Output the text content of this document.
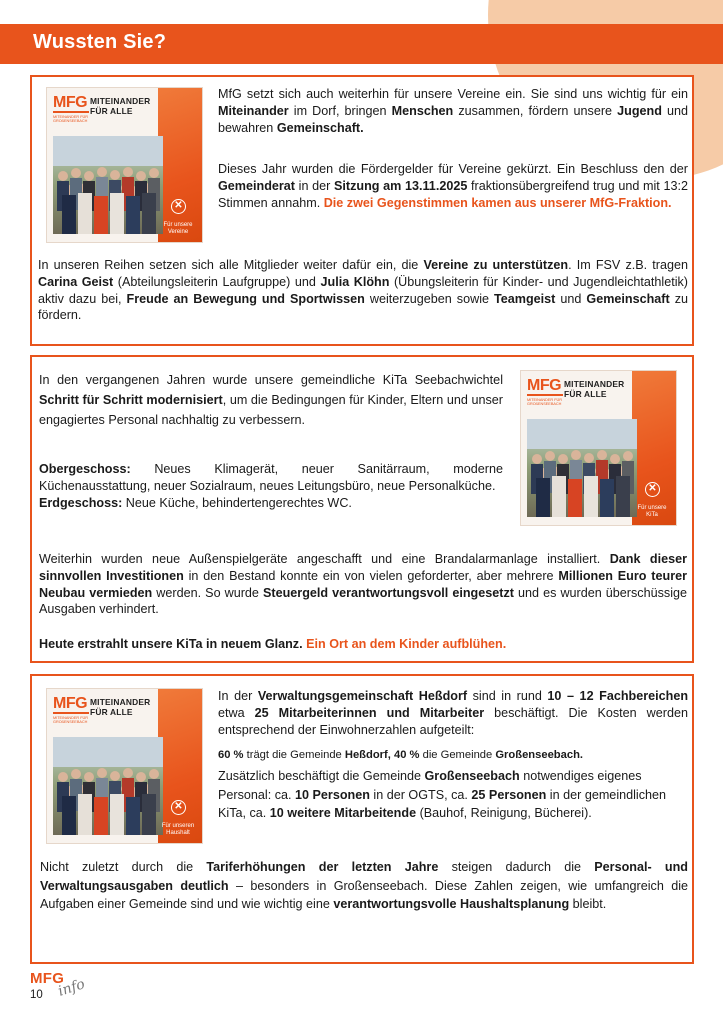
Wussten Sie?
MFG
MITEINANDER FÜR GROßENSEEBACH
MITEINANDER
FÜR ALLE
✕
Für unsere Vereine

MfG setzt sich auch weiterhin für unsere Vereine ein. Sie sind uns wichtig für ein Miteinander im Dorf, bringen Menschen zusammen, fördern unsere Jugend und bewahren Gemeinschaft.

Dieses Jahr wurden die Fördergelder für Vereine gekürzt. Ein Beschluss den der Gemeinderat in der Sitzung am 13.11.2025 fraktionsübergreifend trug und mit 13:2 Stimmen annahm. Die zwei Gegenstimmen kamen aus unserer MfG-Fraktion.

In unseren Reihen setzen sich alle Mitglieder weiter dafür ein, die Vereine zu unterstützen. Im FSV z.B. tragen Carina Geist (Abteilungsleiterin Laufgruppe) und Julia Klöhn (Übungsleiterin für Kinder- und Jugendleichtathletik) aktiv dazu bei, Freude an Bewegung und Sportwissen weiterzugeben sowie Teamgeist und Gemeinschaft zu fördern.

In den vergangenen Jahren wurde unsere gemeindliche KiTa Seebachwichtel Schritt für Schritt modernisiert, um die Bedingungen für Kinder, Eltern und unser engagiertes Personal nachhaltig zu verbessern.

Obergeschoss: Neues Klimagerät, neuer Sanitärraum, moderne Küchenausstattung, neuer Sozialraum, neues Leitungsbüro, neue Personalküche.
Erdgeschoss: Neue Küche, behindertengerechtes WC.

MFG
MITEINANDER FÜR GROßENSEEBACH
MITEINANDER
FÜR ALLE
✕
Für unsere KiTa

Weiterhin wurden neue Außenspielgeräte angeschafft und eine Brandalarmanlage installiert. Dank dieser sinnvollen Investitionen in den Bestand konnte ein von vielen geforderter, aber mehrere Millionen Euro teurer Neubau vermieden werden. So wurde Steuergeld verantwortungsvoll eingesetzt und es wurden überschüssige Ausgaben verhindert.

Heute erstrahlt unsere KiTa in neuem Glanz. Ein Ort an dem Kinder aufblühen.

MFG
MITEINANDER FÜR GROßENSEEBACH
MITEINANDER
FÜR ALLE
✕
Für unseren Haushalt

In der Verwaltungsgemeinschaft Heßdorf sind in rund 10 – 12 Fachbereichen etwa 25 Mitarbeiterinnen und Mitarbeiter beschäftigt. Die Kosten werden entsprechend der Einwohnerzahlen aufgeteilt:

60 % trägt die Gemeinde Heßdorf, 40 % die Gemeinde Großenseebach.

Zusätzlich beschäftigt die Gemeinde Großenseebach notwendiges eigenes Personal: ca. 10 Personen in der OGTS, ca. 25 Personen in der gemeindlichen KiTa, ca. 10 weitere Mitarbeitende (Bauhof, Reinigung, Bücherei).

Nicht zuletzt durch die Tariferhöhungen der letzten Jahre steigen dadurch die Personal- und Verwaltungsausgaben deutlich – besonders in Großenseebach. Diese Zahlen zeigen, wie umfangreich die Aufgaben einer Gemeinde sind und wie wichtig eine verantwortungsvolle Haushaltsplanung bleibt.

MFG
10 info
